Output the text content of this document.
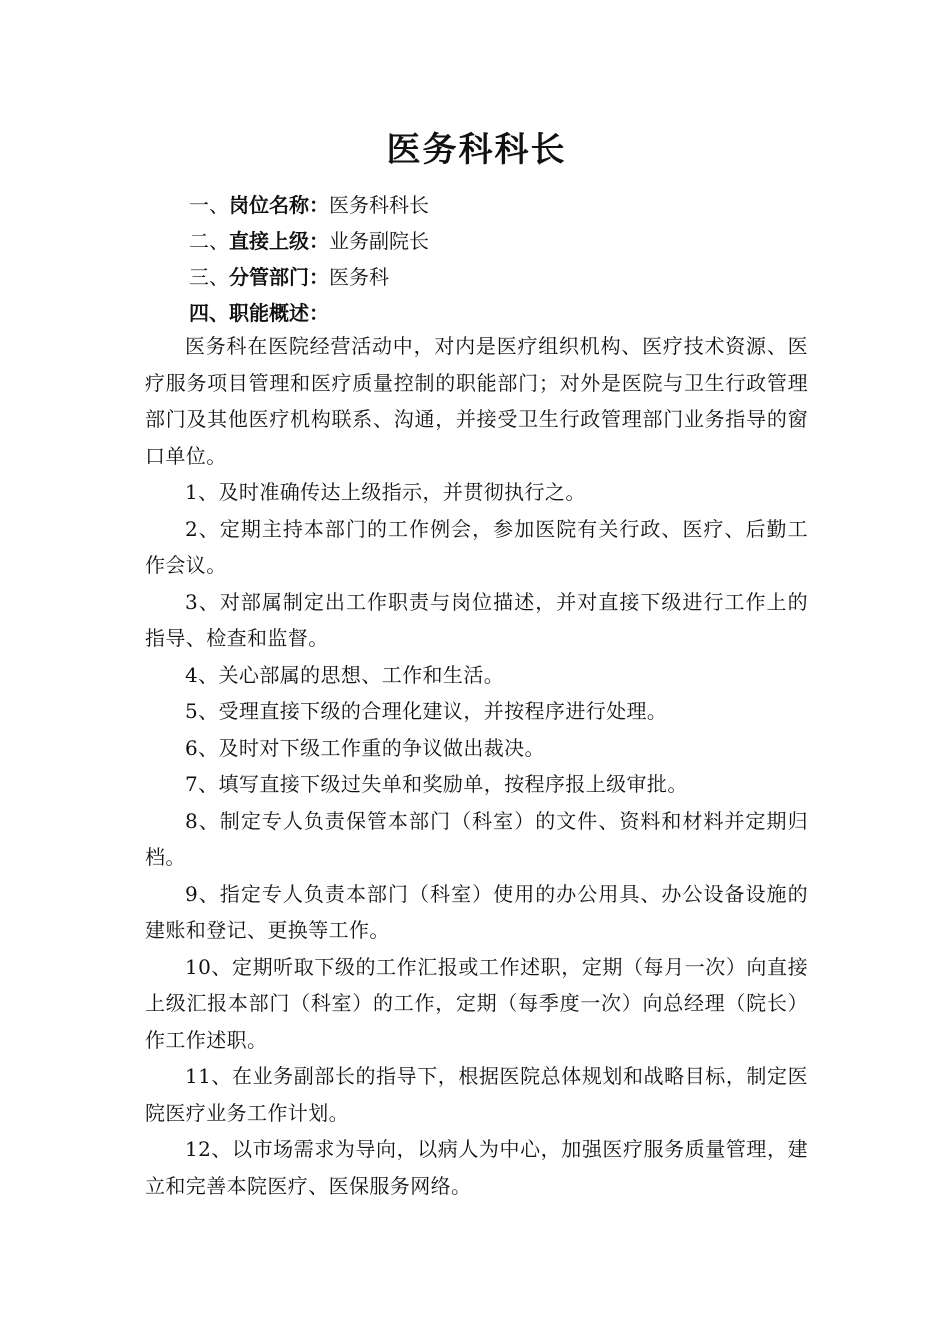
医务科科长
一、岗位名称：医务科科长
二、直接上级：业务副院长
三、分管部门：医务科
四、职能概述：

医务科在医院经营活动中，对内是医疗组织机构、医疗技术资源、医疗服务项目管理和医疗质量控制的职能部门；对外是医院与卫生行政管理部门及其他医疗机构联系、沟通，并接受卫生行政管理部门业务指导的窗口单位。

1、及时准确传达上级指示，并贯彻执行之。

2、定期主持本部门的工作例会，参加医院有关行政、医疗、后勤工作会议。

3、对部属制定出工作职责与岗位描述，并对直接下级进行工作上的指导、检查和监督。

4、关心部属的思想、工作和生活。

5、受理直接下级的合理化建议，并按程序进行处理。

6、及时对下级工作重的争议做出裁决。

7、填写直接下级过失单和奖励单，按程序报上级审批。

8、制定专人负责保管本部门（科室）的文件、资料和材料并定期归档。

9、指定专人负责本部门（科室）使用的办公用具、办公设备设施的建账和登记、更换等工作。

10、定期听取下级的工作汇报或工作述职，定期（每月一次）向直接上级汇报本部门（科室）的工作，定期（每季度一次）向总经理（院长）作工作述职。

11、在业务副部长的指导下，根据医院总体规划和战略目标，制定医院医疗业务工作计划。

12、以市场需求为导向，以病人为中心，加强医疗服务质量管理，建立和完善本院医疗、医保服务网络。
